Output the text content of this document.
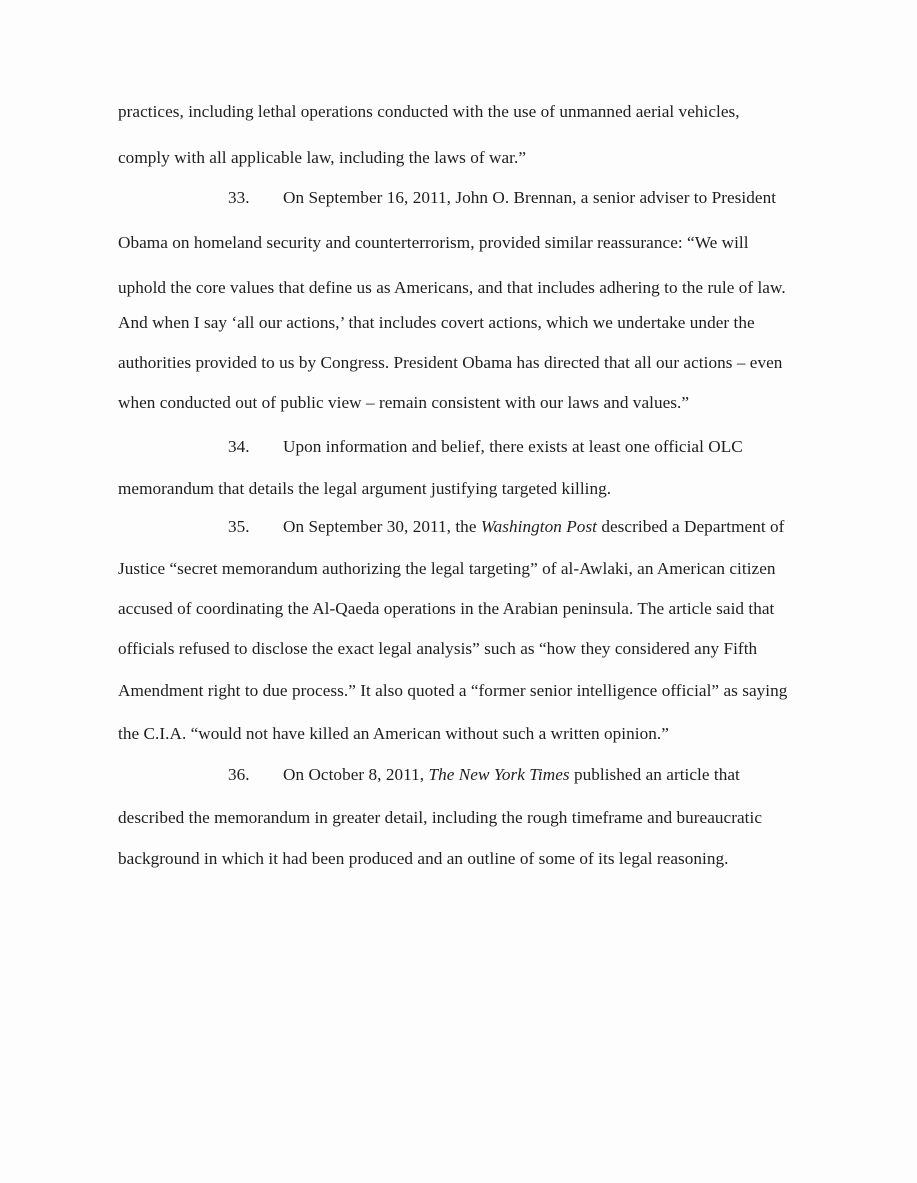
practices, including lethal operations conducted with the use of unmanned aerial vehicles,
comply with all applicable law, including the laws of war.”
33. On September 16, 2011, John O. Brennan, a senior adviser to President
Obama on homeland security and counterterrorism, provided similar reassurance: “We will
uphold the core values that define us as Americans, and that includes adhering to the rule of law.
And when I say ‘all our actions,’ that includes covert actions, which we undertake under the
authorities provided to us by Congress. President Obama has directed that all our actions – even
when conducted out of public view – remain consistent with our laws and values.”
34. Upon information and belief, there exists at least one official OLC
memorandum that details the legal argument justifying targeted killing.
35. On September 30, 2011, the Washington Post described a Department of
Justice “secret memorandum authorizing the legal targeting” of al-Awlaki, an American citizen
accused of coordinating the Al-Qaeda operations in the Arabian peninsula. The article said that
officials refused to disclose the exact legal analysis” such as “how they considered any Fifth
Amendment right to due process.” It also quoted a “former senior intelligence official” as saying
the C.I.A. “would not have killed an American without such a written opinion.”
36. On October 8, 2011, The New York Times published an article that
described the memorandum in greater detail, including the rough timeframe and bureaucratic
background in which it had been produced and an outline of some of its legal reasoning.
